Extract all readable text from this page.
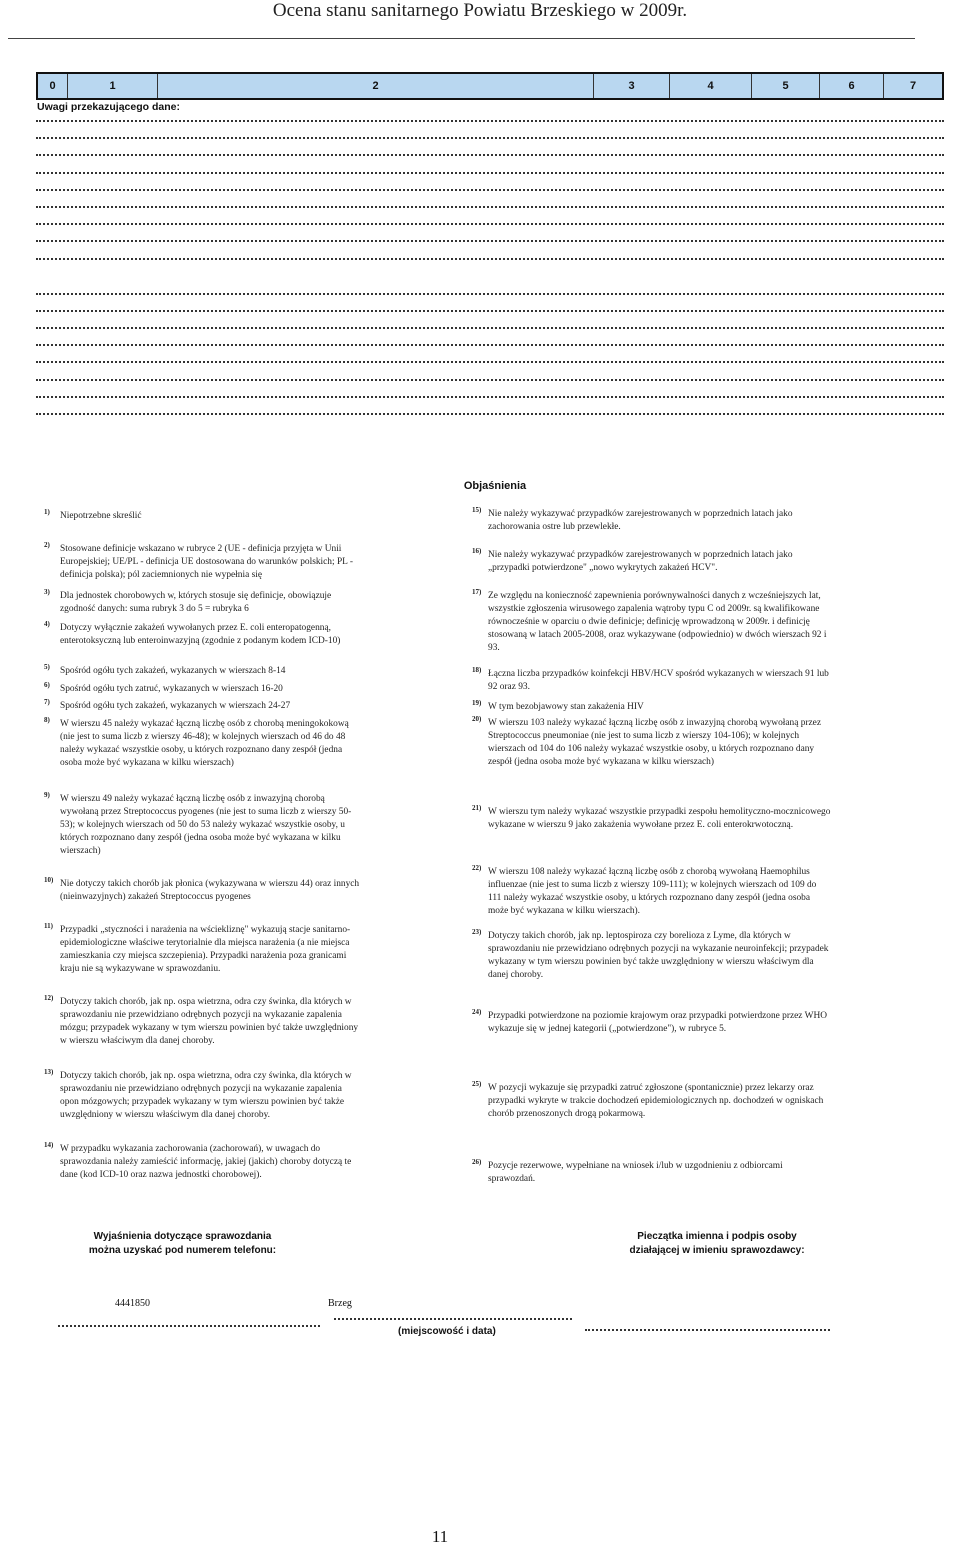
Ocena stanu sanitarnego Powiatu Brzeskiego w 2009r.
0	1	2	3	4	5	6	7
Uwagi przekazującego dane:
Objaśnienia
1) Niepotrzebne skreślić
2) Stosowane definicje wskazano w rubryce 2 (UE - definicja przyjęta w Unii Europejskiej; UE/PL - definicja UE dostosowana do warunków polskich; PL - definicja polska); pól zaciemnionych nie wypełnia się
3) Dla jednostek chorobowych w, których stosuje się definicje, obowiązuje zgodność danych: suma rubryk 3 do 5 = rubryka 6
4) Dotyczy wyłącznie zakażeń wywołanych przez E. coli enteropatogenną, enterotoksyczną lub enteroinwazyjną (zgodnie z podanym kodem ICD-10)
5) Spośród ogółu tych zakażeń, wykazanych w wierszach 8-14
6) Spośród ogółu tych zatruć, wykazanych w wierszach 16-20
7) Spośród ogółu tych zakażeń, wykazanych w wierszach 24-27
8) W wierszu 45 należy wykazać łączną liczbę osób z chorobą meningokokową (nie jest to suma liczb z wierszy 46-48); w kolejnych wierszach od 46 do 48 należy wykazać wszystkie osoby, u których rozpoznano dany zespół (jedna osoba może być wykazana w kilku wierszach)
9) W wierszu 49 należy wykazać łączną liczbę osób z inwazyjną chorobą wywołaną przez Streptococcus pyogenes (nie jest to suma liczb z wierszy 50-53); w kolejnych wierszach od 50 do 53 należy wykazać wszystkie osoby, u których rozpoznano dany zespół (jedna osoba może być wykazana w kilku wierszach)
10) Nie dotyczy takich chorób jak płonica (wykazywana w wierszu 44) oraz innych (nieinwazyjnych) zakażeń Streptococcus pyogenes
11) Przypadki „styczności i narażenia na wściekliznę" wykazują stacje sanitarno-epidemiologiczne właściwe terytorialnie dla miejsca narażenia (a nie miejsca zamieszkania czy miejsca szczepienia). Przypadki narażenia poza granicami kraju nie są wykazywane w sprawozdaniu.
12) Dotyczy takich chorób, jak np. ospa wietrzna, odra czy świnka, dla których w sprawozdaniu nie przewidziano odrębnych pozycji na wykazanie zapalenia mózgu; przypadek wykazany w tym wierszu powinien być także uwzględniony w wierszu właściwym dla danej choroby.
13) Dotyczy takich chorób, jak np. ospa wietrzna, odra czy świnka, dla których w sprawozdaniu nie przewidziano odrębnych pozycji na wykazanie zapalenia opon mózgowych; przypadek wykazany w tym wierszu powinien być także uwzględniony w wierszu właściwym dla danej choroby.
14) W przypadku wykazania zachorowania (zachorowań), w uwagach do sprawozdania należy zamieścić informację, jakiej (jakich) choroby dotyczą te dane (kod ICD-10 oraz nazwa jednostki chorobowej).
15) Nie należy wykazywać przypadków zarejestrowanych w poprzednich latach jako zachorowania ostre lub przewlekłe.
16) Nie należy wykazywać przypadków zarejestrowanych w poprzednich latach jako „przypadki potwierdzone" „nowo wykrytych zakażeń HCV".
17) Ze względu na konieczność zapewnienia porównywalności danych z wcześniejszych lat, wszystkie zgłoszenia wirusowego zapalenia wątroby typu C od 2009r. są kwalifikowane równocześnie w oparciu o dwie definicje; definicję wprowadzoną w 2009r. i definicję stosowaną w latach 2005-2008, oraz wykazywane (odpowiednio) w dwóch wierszach 92 i 93.
18) Łączna liczba przypadków koinfekcji HBV/HCV spośród wykazanych w wierszach 91 lub 92 oraz 93.
19) W tym bezobjawowy stan zakażenia HIV
20) W wierszu 103 należy wykazać łączną liczbę osób z inwazyjną chorobą wywołaną przez Streptococcus pneumoniae (nie jest to suma liczb z wierszy 104-106); w kolejnych wierszach od 104 do 106 należy wykazać wszystkie osoby, u których rozpoznano dany zespół (jedna osoba może być wykazana w kilku wierszach)
21) W wierszu tym należy wykazać wszystkie przypadki zespołu hemolityczno-mocznicowego wykazane w wierszu 9 jako zakażenia wywołane przez E. coli enterokrwotoczną.
22) W wierszu 108 należy wykazać łączną liczbę osób z chorobą wywołaną Haemophilus influenzae (nie jest to suma liczb z wierszy 109-111); w kolejnych wierszach od 109 do 111 należy wykazać wszystkie osoby, u których rozpoznano dany zespół (jedna osoba może być wykazana w kilku wierszach).
23) Dotyczy takich chorób, jak np. leptospiroza czy borelioza z Lyme, dla których w sprawozdaniu nie przewidziano odrębnych pozycji na wykazanie neuroinfekcji; przypadek wykazany w tym wierszu powinien być także uwzględniony w wierszu właściwym dla danej choroby.
24) Przypadki potwierdzone na poziomie krajowym oraz przypadki potwierdzone przez WHO wykazuje się w jednej kategorii („potwierdzone"), w rubryce 5.
25) W pozycji wykazuje się przypadki zatruć zgłoszone (spontanicznie) przez lekarzy oraz przypadki wykryte w trakcie dochodzeń epidemiologicznych np. dochodzeń w ogniskach chorób przenoszonych drogą pokarmową.
26) Pozycje rezerwowe, wypełniane na wniosek i/lub w uzgodnieniu z odbiorcami sprawozdań.
Wyjaśnienia dotyczące sprawozdania
można uzyskać pod numerem telefonu:
Pieczątka imienna i podpis osoby
działającej w imieniu sprawozdawcy:
4441850	Brzeg
(miejscowość i data)
11
